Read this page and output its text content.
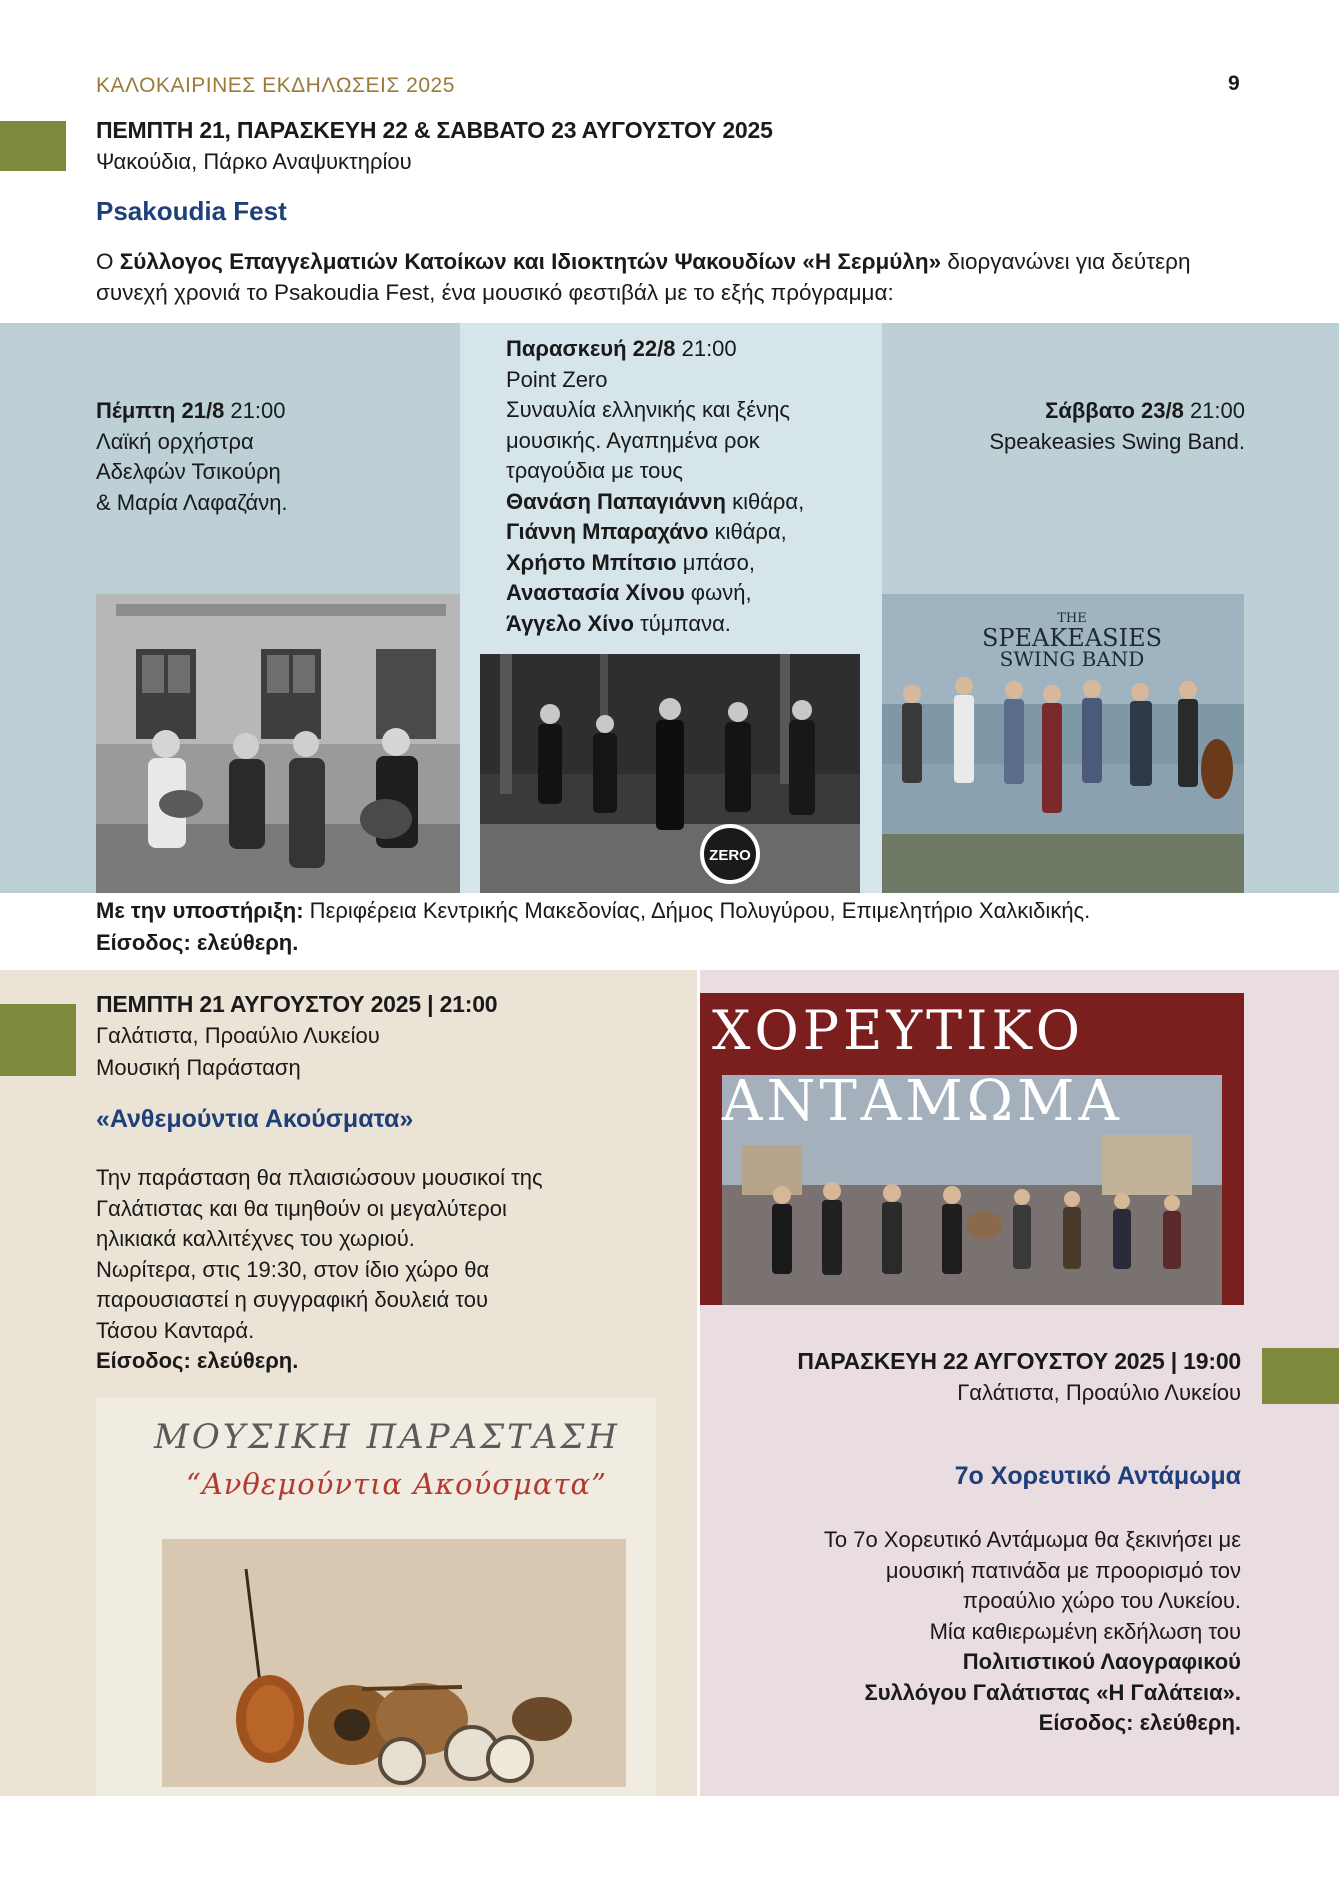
ΚΑΛΟΚΑΙΡΙΝΕΣ ΕΚΔΗΛΩΣΕΙΣ 2025	9
ΠΕΜΠΤΗ 21, ΠΑΡΑΣΚΕΥΗ 22 & ΣΑΒΒΑΤΟ 23 ΑΥΓΟΥΣΤΟΥ 2025
Ψακούδια, Πάρκο Αναψυκτηρίου
Psakoudia Fest
Ο Σύλλογος Επαγγελματιών Κατοίκων και Ιδιοκτητών Ψακουδίων «Η Σερμύλη» διοργανώνει για δεύτερη συνεχή χρονιά το Psakoudia Fest, ένα μουσικό φεστιβάλ με το εξής πρόγραμμα:
Πέμπτη 21/8 21:00
Λαϊκή ορχήστρα
Αδελφών Τσικούρη
& Μαρία Λαφαζάνη.
Παρασκευή 22/8 21:00
Point Zero
Συναυλία ελληνικής και ξένης μουσικής. Αγαπημένα ροκ τραγούδια με τους
Θανάση Παπαγιάννη κιθάρα,
Γιάννη Μπαραχάνο κιθάρα,
Χρήστο Μπίτσιο μπάσο,
Αναστασία Χίνου φωνή,
Άγγελο Χίνο τύμπανα.
Σάββατο 23/8 21:00
Speakeasies Swing Band.
ZERO
THE
SPEAKEASIES
SWING BAND
Με την υποστήριξη: Περιφέρεια Κεντρικής Μακεδονίας, Δήμος Πολυγύρου, Επιμελητήριο Χαλκιδικής.
Είσοδος: ελεύθερη.
ΠΕΜΠΤΗ 21 ΑΥΓΟΥΣΤΟΥ 2025 | 21:00
Γαλάτιστα, Προαύλιο Λυκείου
Μουσική Παράσταση
«Ανθεμούντια Ακούσματα»
Την παράσταση θα πλαισιώσουν μουσικοί της
Γαλάτιστας και θα τιμηθούν οι μεγαλύτεροι
ηλικιακά καλλιτέχνες του χωριού.
Νωρίτερα, στις 19:30, στον ίδιο χώρο θα
παρουσιαστεί η συγγραφική δουλειά του
Τάσου Κανταρά.
Είσοδος: ελεύθερη.
ΜΟΥΣΙΚΗ ΠΑΡΑΣΤΑΣΗ
“Ανθεμούντια Ακούσματα”
ΧΟΡΕΥΤΙΚΟ
ΑΝΤΑΜΩΜΑ
ΠΑΡΑΣΚΕΥΗ 22 ΑΥΓΟΥΣΤΟΥ 2025 | 19:00
Γαλάτιστα, Προαύλιο Λυκείου
7ο Χορευτικό Αντάμωμα
Το 7ο Χορευτικό Αντάμωμα θα ξεκινήσει με
μουσική πατινάδα με προορισμό τον
προαύλιο χώρο του Λυκείου.
Μία καθιερωμένη εκδήλωση του
Πολιτιστικού Λαογραφικού
Συλλόγου Γαλάτιστας «Η Γαλάτεια».
Είσοδος: ελεύθερη.
